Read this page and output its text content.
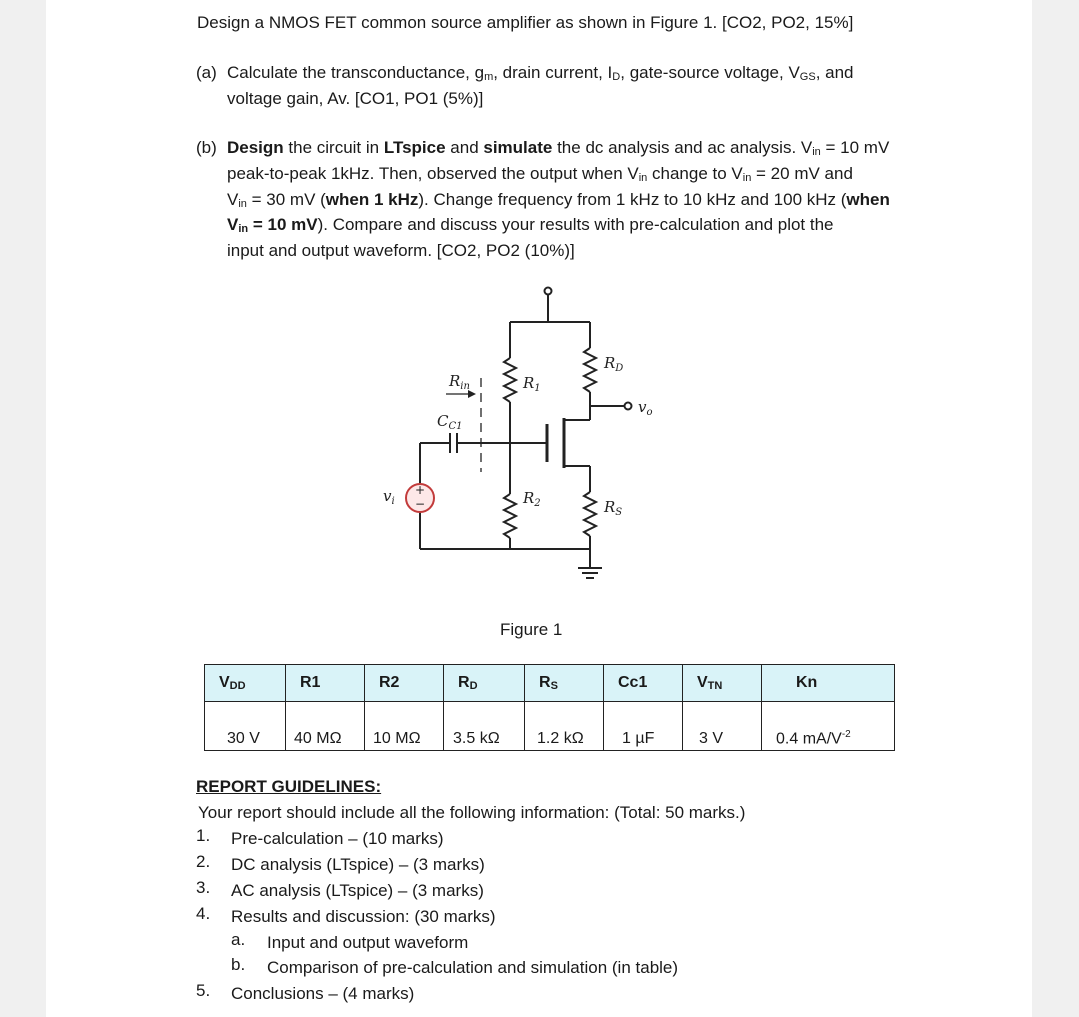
Design a NMOS FET common source amplifier as shown in Figure 1. [CO2, PO2, 15%]
(a) Calculate the transconductance, $g_m$, drain current, $I_D$, gate-source voltage, $V_{GS}$, and
voltage gain, Av. [CO1, PO1 (5%)]
(b) Design the circuit in LTspice and simulate the dc analysis and ac analysis. $V_{in} = 10$ mV
peak-to-peak 1kHz. Then, observed the output when $V_{in}$ change to $V_{in} = 20$ mV and
$V_{in} = 30$ mV (when 1 kHz). Change frequency from 1 kHz to 10 kHz and 100 kHz (when
$V_{in} = 10$ mV). Compare and discuss your results with pre-calculation and plot the
input and output waveform. [CO2, PO2 (10%)]
+
−
$R_{in}$
$C_{C1}$
$R_1$
$R_2$
$R_D$
$R_S$
$v_o$
$v_i$
Figure 1
$V_{DD}$	R1	R2	$R_D$	$R_S$	Cc1	$V_{TN}$	Kn
30 V	40 MΩ	10 MΩ	3.5 kΩ	1.2 kΩ	1 µF	3 V	0.4 $mA/V^{-2}$
REPORT GUIDELINES:
Your report should include all the following information: (Total: 50 marks.)
1. Pre-calculation – (10 marks)
2. DC analysis (LTspice) – (3 marks)
3. AC analysis (LTspice) – (3 marks)
4. Results and discussion: (30 marks)
a. Input and output waveform
b. Comparison of pre-calculation and simulation (in table)
5. Conclusions – (4 marks)
